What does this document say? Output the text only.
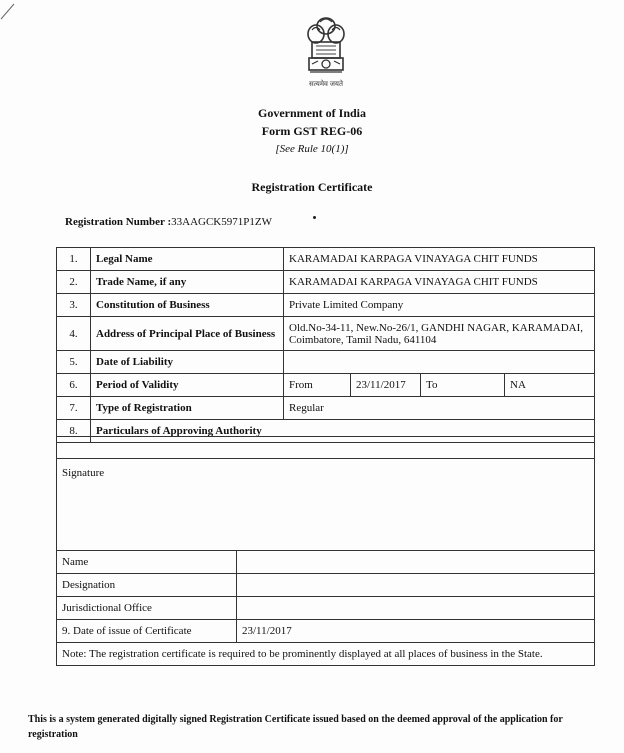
सत्यमेव जयते
Government of India
Form GST REG-06
[See Rule 10(1)]
Registration Certificate
Registration Number :33AAGCK5971P1ZW
1.	Legal Name	KARAMADAI KARPAGA VINAYAGA CHIT FUNDS			
2.	Trade Name, if any	KARAMADAI KARPAGA VINAYAGA CHIT FUNDS			
3.	Constitution of Business	Private Limited Company			
4.	Address of Principal Place of Business	Old.No-34-11, New.No-26/1, GANDHI NAGAR, KARAMADAI, Coimbatore, Tamil Nadu, 641104			
5.	Date of Liability				
6.	Period of Validity	From	23/11/2017	To	NA
7.	Type of Registration	Regular			
8.	Particulars of Approving Authority				

Signature	
Name	
Designation	
Jurisdictional Office	
9. Date of issue of Certificate	23/11/2017
Note: The registration certificate is required to be prominently displayed at all places of business in the State.	
This is a system generated digitally signed Registration Certificate issued based on the deemed approval of the application for registration
